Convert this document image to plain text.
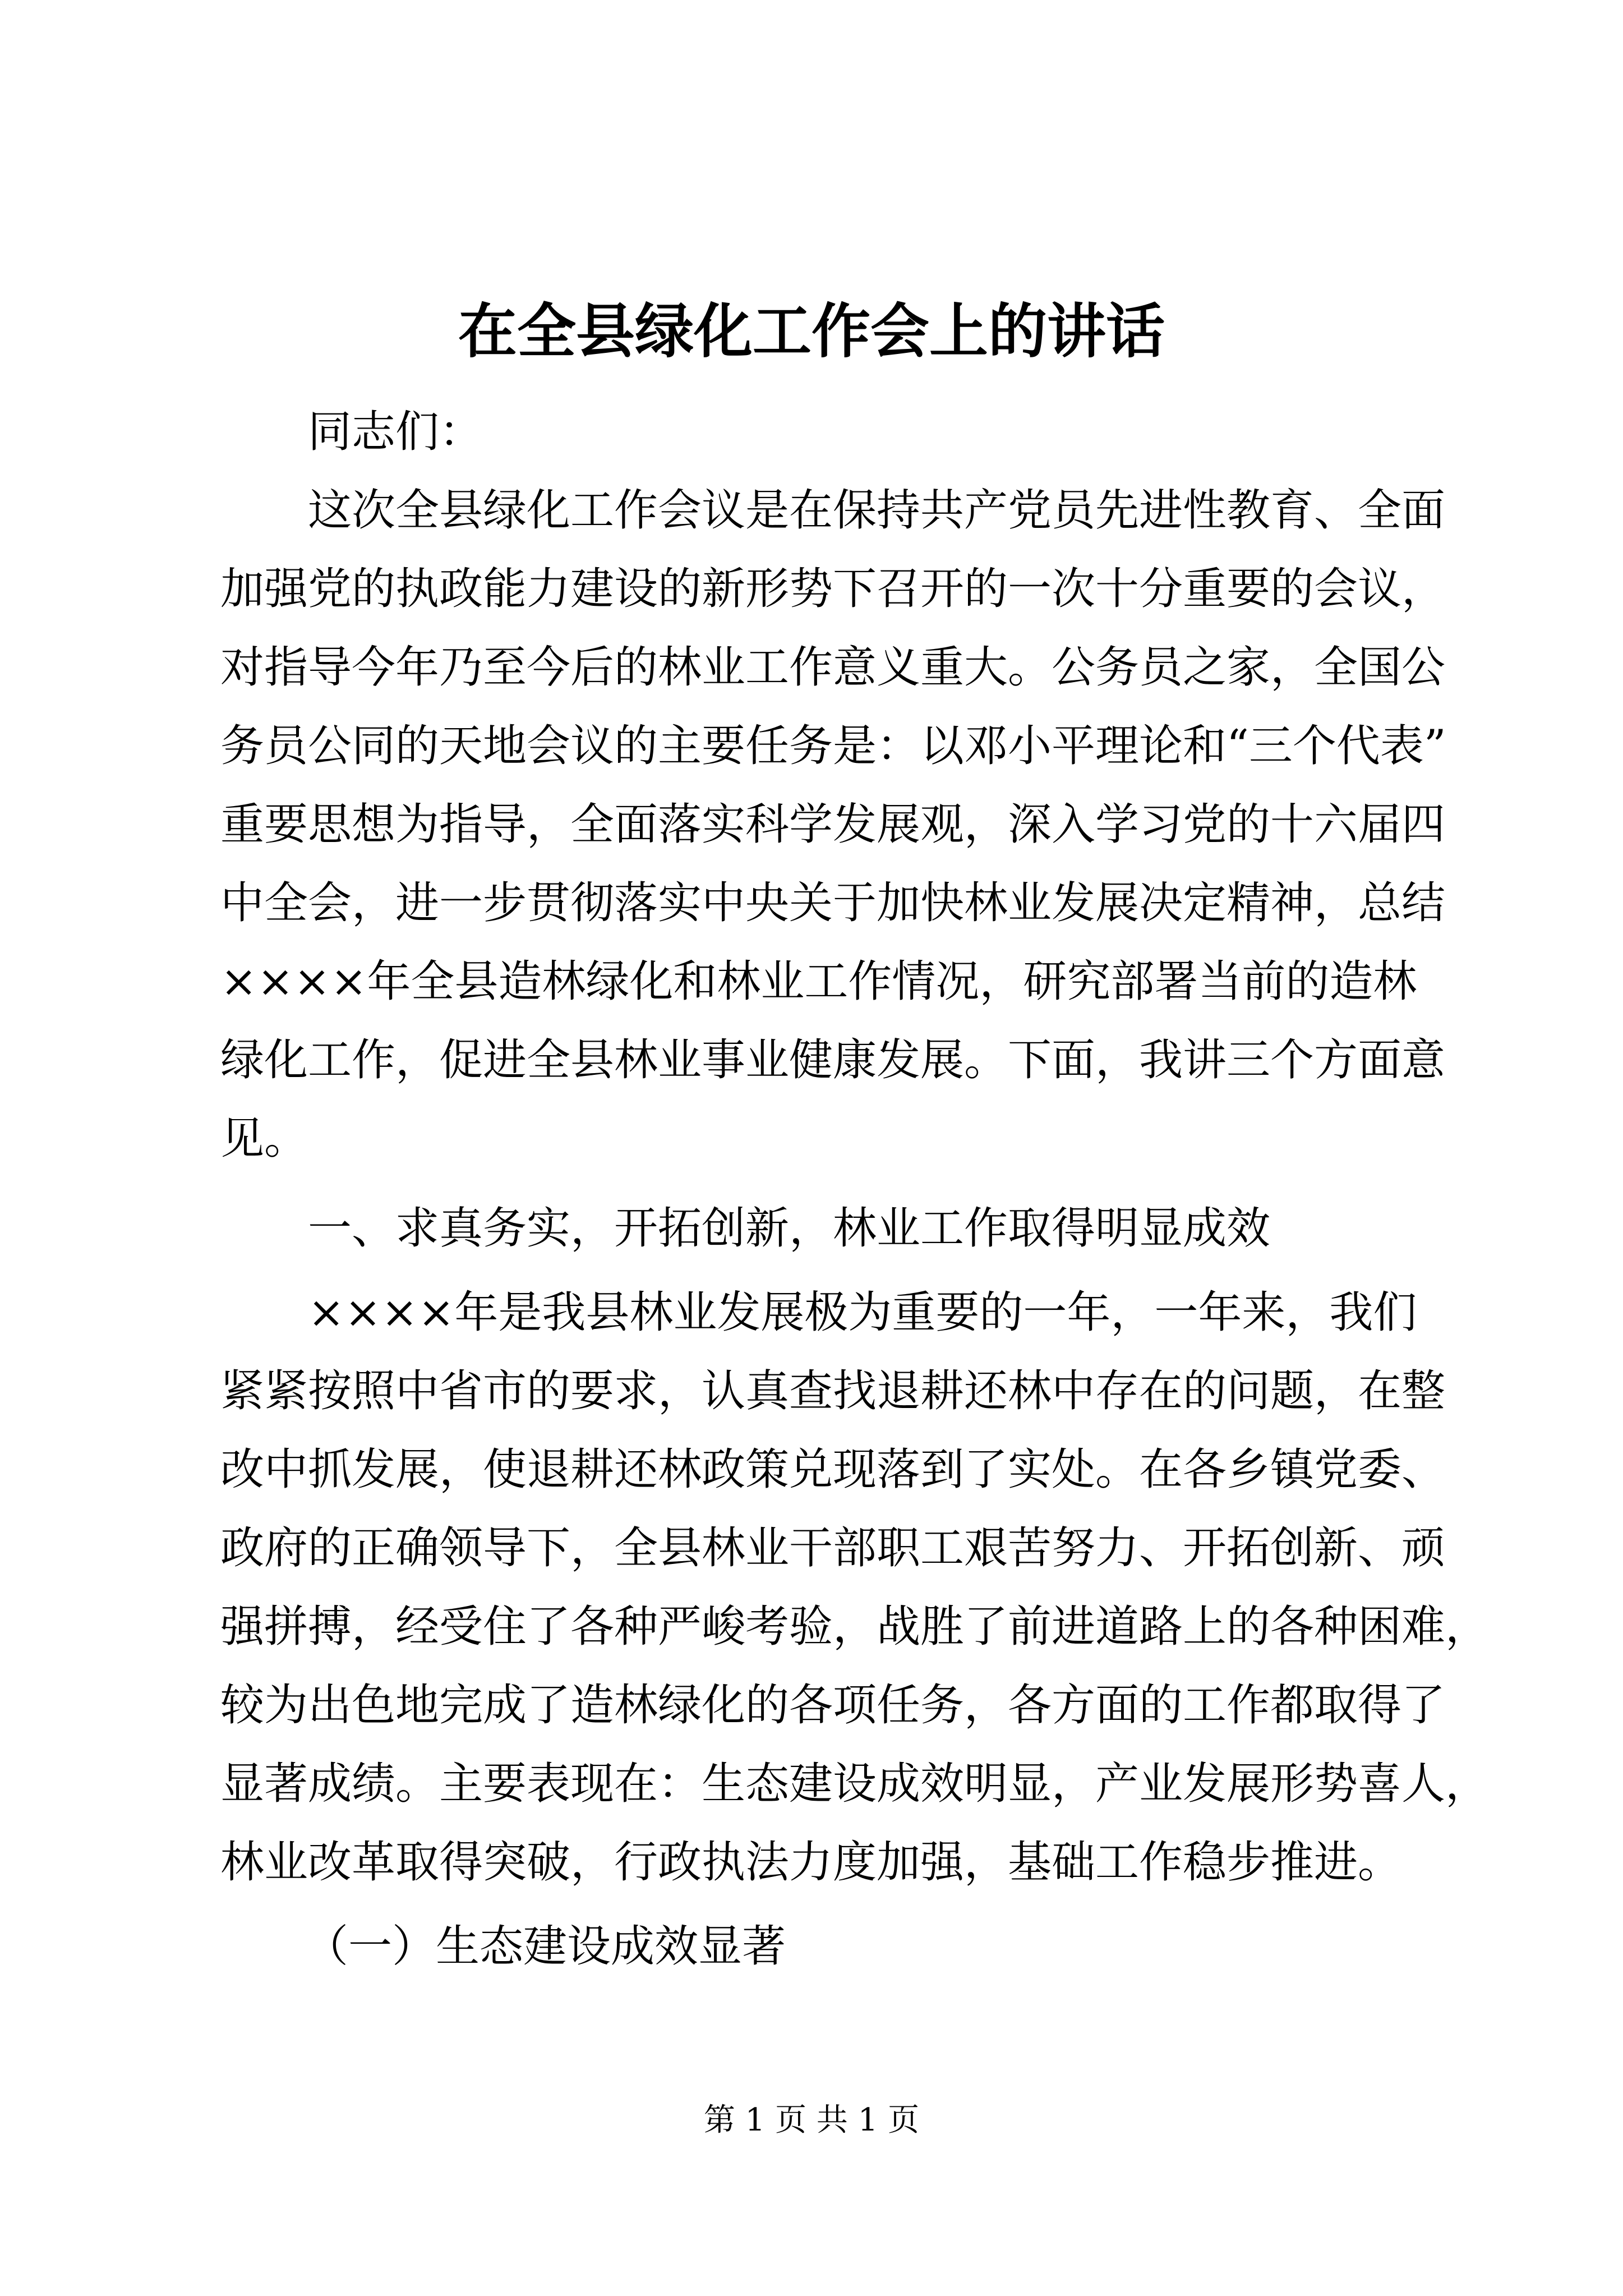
在全县绿化工作会上的讲话

同志们：

这次全县绿化工作会议是在保持共产党员先进性教育、全面

加强党的执政能力建设的新形势下召开的一次十分重要的会议，

对指导今年乃至今后的林业工作意义重大。公务员之家，全国公

务员公同的天地会议的主要任务是：以邓小平理论和“三个代表”

重要思想为指导，全面落实科学发展观，深入学习党的十六届四

中全会，进一步贯彻落实中央关于加快林业发展决定精神，总结

××××年全县造林绿化和林业工作情况，研究部署当前的造林

绿化工作，促进全县林业事业健康发展。下面，我讲三个方面意

见。

一、求真务实，开拓创新，林业工作取得明显成效

××××年是我县林业发展极为重要的一年，一年来，我们

紧紧按照中省市的要求，认真查找退耕还林中存在的问题，在整

改中抓发展，使退耕还林政策兑现落到了实处。在各乡镇党委、

政府的正确领导下，全县林业干部职工艰苦努力、开拓创新、顽

强拼搏，经受住了各种严峻考验，战胜了前进道路上的各种困难，

较为出色地完成了造林绿化的各项任务，各方面的工作都取得了

显著成绩。主要表现在：生态建设成效明显，产业发展形势喜人，

林业改革取得突破，行政执法力度加强，基础工作稳步推进。

（一）生态建设成效显著

第 1 页 共 1 页
